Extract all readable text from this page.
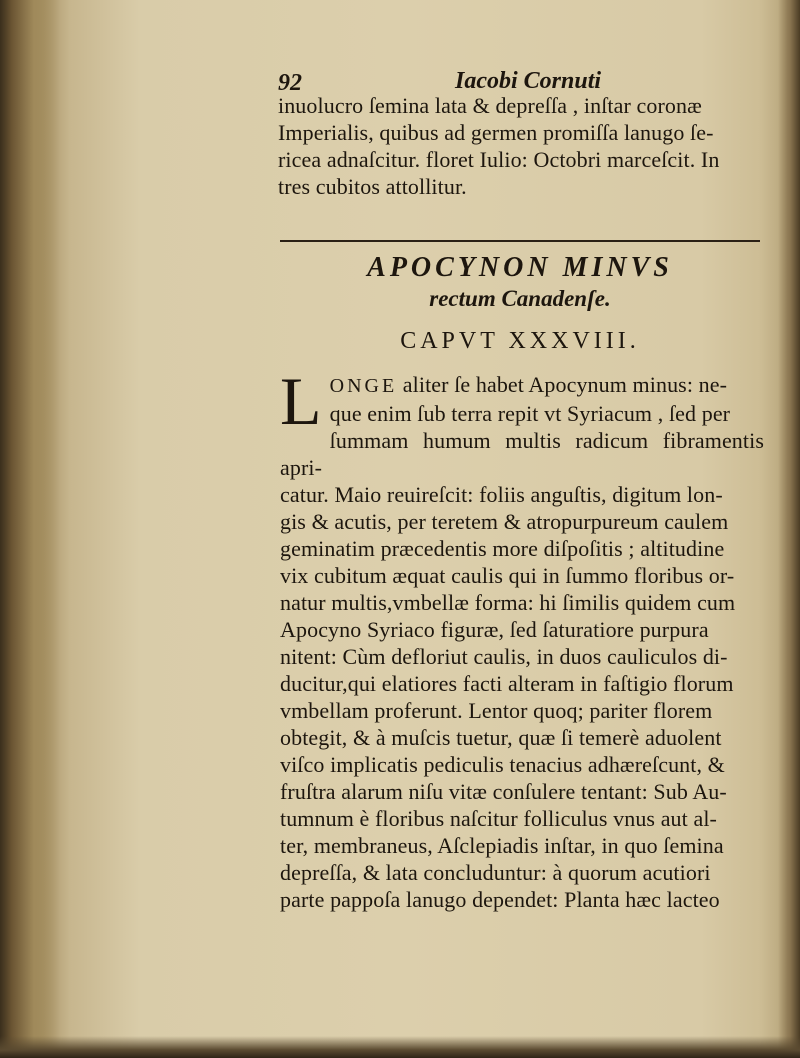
92	Iacobi Cornuti
inuolucro ſemina lata & depreſſa , inſtar coronæ
Imperialis, quibus ad germen promiſſa lanugo ſe-
ricea adnaſcitur. floret Iulio: Octobri marceſcit. In
tres cubitos attollitur.
APOCYNON MINVS
rectum Canadenſe.
CAPVT XXXVIII.
L ONGE aliter ſe habet Apocynum minus: ne-
que enim ſub terra repit vt Syriacum , ſed per
ſummam humum multis radicum fibramentis apri-
catur. Maio reuireſcit: foliis anguſtis, digitum lon-
gis & acutis, per teretem & atropurpureum caulem
geminatim præcedentis more diſpoſitis ; altitudine
vix cubitum æquat caulis qui in ſummo floribus or-
natur multis,vmbellæ forma: hi ſimilis quidem cum
Apocyno Syriaco figuræ, ſed ſaturatiore purpura
nitent: Cùm defloriut caulis, in duos cauliculos di-
ducitur,qui elatiores facti alteram in faſtigio florum
vmbellam proferunt. Lentor quoq; pariter florem
obtegit, & à muſcis tuetur, quæ ſi temerè aduolent
viſco implicatis pediculis tenacius adhæreſcunt, &
fruſtra alarum niſu vitæ conſulere tentant: Sub Au-
tumnum è floribus naſcitur folliculus vnus aut al-
ter, membraneus, Aſclepiadis inſtar, in quo ſemina
depreſſa, & lata concluduntur: à quorum acutiori
parte pappoſa lanugo dependet: Planta hæc lacteo
